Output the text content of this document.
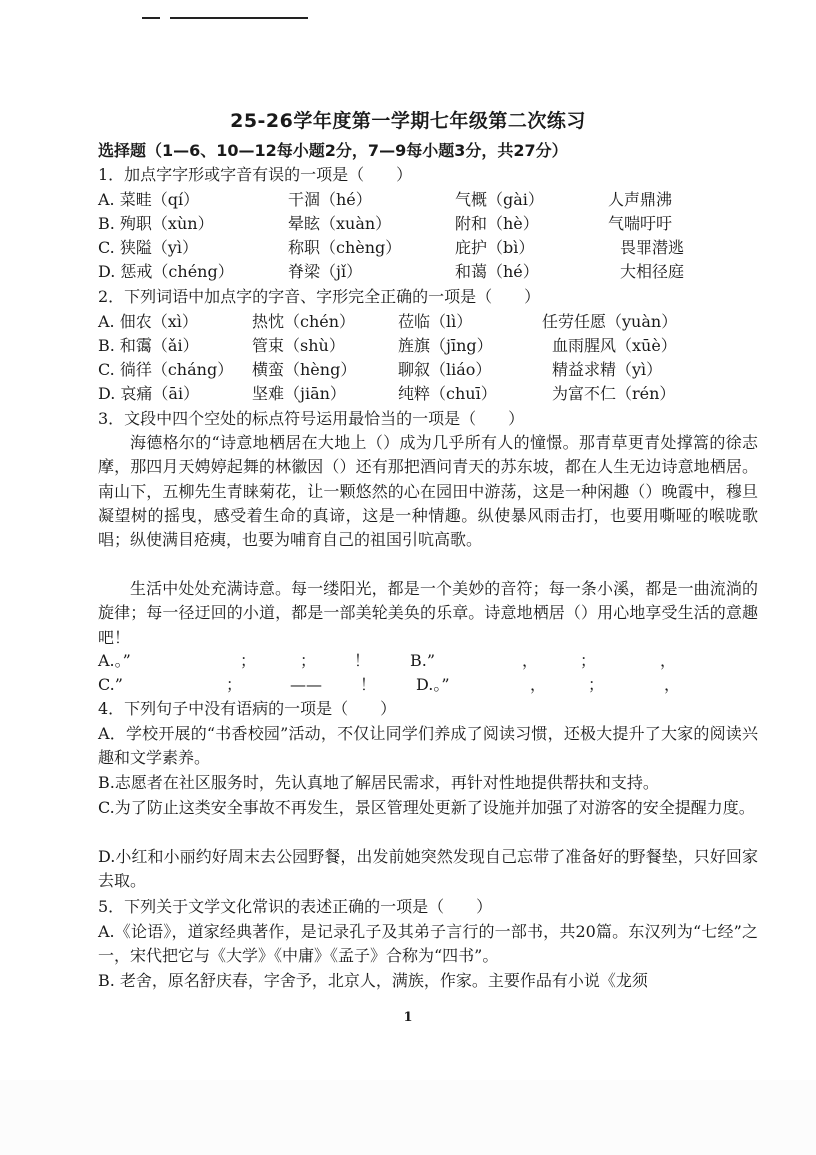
25-26学年度第一学期七年级第二次练习
选择题（1—6、10—12每小题2分，7—9每小题3分，共27分）
1．加点字字形或字音有误的一项是（　　）
A. 菜畦（qí）	干涸（hé）	气概（gài）	人声鼎沸
B. 殉职（xùn）	晕眩（xuàn）	附和（hè）	气喘吁吁
C. 狭隘（yì）	称职（chèng）	庇护（bì）	畏罪潜逃
D. 惩戒（chéng）	脊梁（jǐ）	和蔼（hé）	大相径庭
2．下列词语中加点字的字音、字形完全正确的一项是（　　）
A. 佃农（xì）	热忱（chén）	莅临（lì）	任劳任愿（yuàn）
B. 和霭（ǎi）	管束（shù）	旌旗（jīng）	血雨腥风（xūè）
C. 徜徉（cháng） 横蛮（hèng）	聊叙（liáo）	精益求精（yì）
D. 哀痛（āi）	坚难（jiān）	纯粹（chuī）	为富不仁（rén）
3．文段中四个空处的标点符号运用最恰当的一项是（　　）
海德格尔的“诗意地栖居在大地上（）成为几乎所有人的憧憬。那青草更青处撑篙的徐志摩，那四月天娉婷起舞的林徽因（）还有那把酒问青天的苏东坡，都在人生无边诗意地栖居。南山下，五柳先生青睐菊花，让一颗悠然的心在园田中游荡，这是一种闲趣（）晚霞中，穆旦凝望树的摇曳，感受着生命的真谛，这是一种情趣。纵使暴风雨击打，也要用嘶哑的喉咙歌唱；纵使满目疮痍，也要为哺育自己的祖国引吭高歌。
生活中处处充满诗意。每一缕阳光，都是一个美妙的音符；每一条小溪，都是一曲流淌的旋律；每一径迂回的小道，都是一部美轮美奂的乐章。诗意地栖居（）用心地享受生活的意趣吧！
A.。”	；	； ！ B.”	，	；	，
C.”	；	—— ！ D.。”	，	；	，
4．下列句子中没有语病的一项是（　　）
A．学校开展的“书香校园”活动，不仅让同学们养成了阅读习惯，还极大提升了大家的阅读兴趣和文学素养。
B.志愿者在社区服务时，先认真地了解居民需求，再针对性地提供帮扶和支持。
C.为了防止这类安全事故不再发生，景区管理处更新了设施并加强了对游客的安全提醒力度。
D.小红和小丽约好周末去公园野餐，出发前她突然发现自己忘带了准备好的野餐垫，只好回家去取。
5．下列关于文学文化常识的表述正确的一项是（　　）
A.《论语》，道家经典著作，是记录孔子及其弟子言行的一部书，共20篇。东汉列为“七经”之一，宋代把它与《大学》《中庸》《孟子》合称为“四书”。
B. 老舍，原名舒庆春，字舍予，北京人，满族，作家。主要作品有小说《龙须
1
